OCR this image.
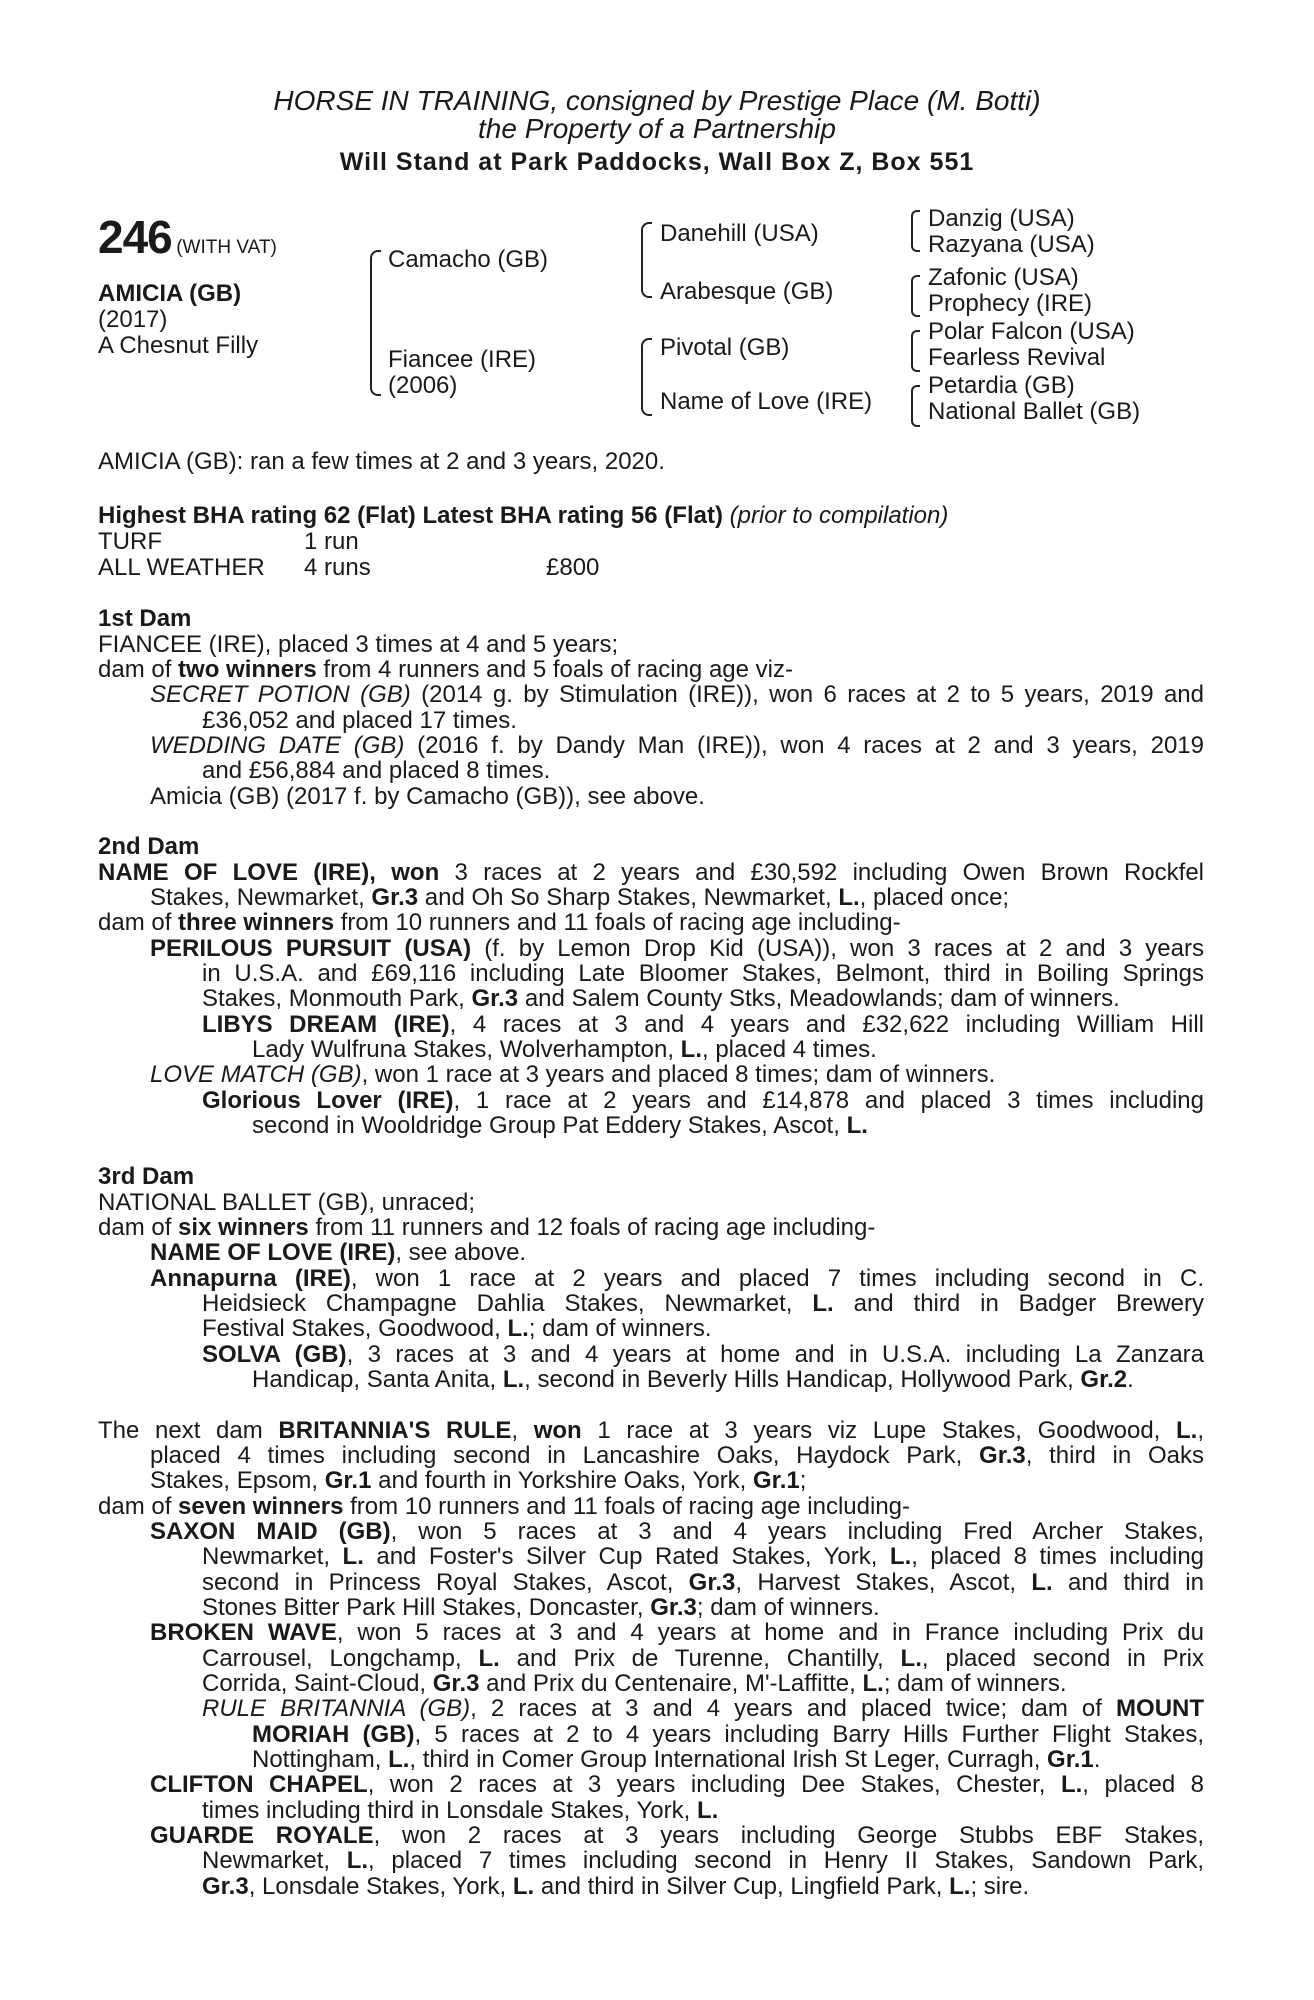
HORSE IN TRAINING, consigned by Prestige Place (M. Botti)
the Property of a Partnership
Will Stand at Park Paddocks, Wall Box Z, Box 551
246 (WITH VAT)
AMICIA (GB)
(2017)
A Chesnut Filly
Camacho (GB)
Fiancee (IRE)
(2006)
Danehill (USA)
Arabesque (GB)
Pivotal (GB)
Name of Love (IRE)
Danzig (USA)
Razyana (USA)
Zafonic (USA)
Prophecy (IRE)
Polar Falcon (USA)
Fearless Revival
Petardia (GB)
National Ballet (GB)
AMICIA (GB): ran a few times at 2 and 3 years, 2020.
Highest BHA rating 62 (Flat) Latest BHA rating 56 (Flat) (prior to compilation)
TURF	1 run
ALL WEATHER 4 runs	£800
1st Dam
FIANCEE (IRE), placed 3 times at 4 and 5 years;
dam of two winners from 4 runners and 5 foals of racing age viz-
SECRET POTION (GB) (2014 g. by Stimulation (IRE)), won 6 races at 2 to 5 years, 2019 and
£36,052 and placed 17 times.
WEDDING DATE (GB) (2016 f. by Dandy Man (IRE)), won 4 races at 2 and 3 years, 2019
and £56,884 and placed 8 times.
Amicia (GB) (2017 f. by Camacho (GB)), see above.
2nd Dam
NAME OF LOVE (IRE), won 3 races at 2 years and £30,592 including Owen Brown Rockfel
Stakes, Newmarket, Gr.3 and Oh So Sharp Stakes, Newmarket, L., placed once;
dam of three winners from 10 runners and 11 foals of racing age including-
PERILOUS PURSUIT (USA) (f. by Lemon Drop Kid (USA)), won 3 races at 2 and 3 years
in U.S.A. and £69,116 including Late Bloomer Stakes, Belmont, third in Boiling Springs
Stakes, Monmouth Park, Gr.3 and Salem County Stks, Meadowlands; dam of winners.
LIBYS DREAM (IRE), 4 races at 3 and 4 years and £32,622 including William Hill
Lady Wulfruna Stakes, Wolverhampton, L., placed 4 times.
LOVE MATCH (GB), won 1 race at 3 years and placed 8 times; dam of winners.
Glorious Lover (IRE), 1 race at 2 years and £14,878 and placed 3 times including
second in Wooldridge Group Pat Eddery Stakes, Ascot, L.
3rd Dam
NATIONAL BALLET (GB), unraced;
dam of six winners from 11 runners and 12 foals of racing age including-
NAME OF LOVE (IRE), see above.
Annapurna (IRE), won 1 race at 2 years and placed 7 times including second in C.
Heidsieck Champagne Dahlia Stakes, Newmarket, L. and third in Badger Brewery
Festival Stakes, Goodwood, L.; dam of winners.
SOLVA (GB), 3 races at 3 and 4 years at home and in U.S.A. including La Zanzara
Handicap, Santa Anita, L., second in Beverly Hills Handicap, Hollywood Park, Gr.2.
The next dam BRITANNIA'S RULE, won 1 race at 3 years viz Lupe Stakes, Goodwood, L.,
placed 4 times including second in Lancashire Oaks, Haydock Park, Gr.3, third in Oaks
Stakes, Epsom, Gr.1 and fourth in Yorkshire Oaks, York, Gr.1;
dam of seven winners from 10 runners and 11 foals of racing age including-
SAXON MAID (GB), won 5 races at 3 and 4 years including Fred Archer Stakes,
Newmarket, L. and Foster's Silver Cup Rated Stakes, York, L., placed 8 times including
second in Princess Royal Stakes, Ascot, Gr.3, Harvest Stakes, Ascot, L. and third in
Stones Bitter Park Hill Stakes, Doncaster, Gr.3; dam of winners.
BROKEN WAVE, won 5 races at 3 and 4 years at home and in France including Prix du
Carrousel, Longchamp, L. and Prix de Turenne, Chantilly, L., placed second in Prix
Corrida, Saint-Cloud, Gr.3 and Prix du Centenaire, M'-Laffitte, L.; dam of winners.
RULE BRITANNIA (GB), 2 races at 3 and 4 years and placed twice; dam of MOUNT
MORIAH (GB), 5 races at 2 to 4 years including Barry Hills Further Flight Stakes,
Nottingham, L., third in Comer Group International Irish St Leger, Curragh, Gr.1.
CLIFTON CHAPEL, won 2 races at 3 years including Dee Stakes, Chester, L., placed 8
times including third in Lonsdale Stakes, York, L.
GUARDE ROYALE, won 2 races at 3 years including George Stubbs EBF Stakes,
Newmarket, L., placed 7 times including second in Henry II Stakes, Sandown Park,
Gr.3, Lonsdale Stakes, York, L. and third in Silver Cup, Lingfield Park, L.; sire.
